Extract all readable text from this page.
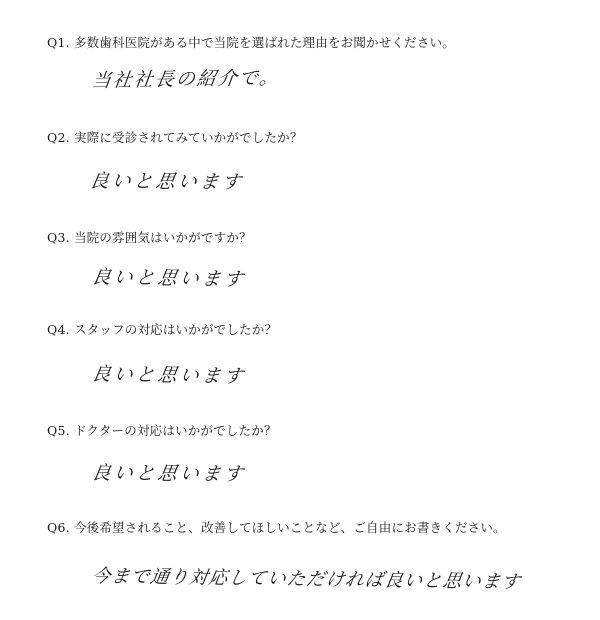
Q1. 多数歯科医院がある中で当院を選ばれた理由をお聞かせください。
当社社長の紹介で。
Q2. 実際に受診されてみていかがでしたか？
良いと思います
Q3. 当院の雰囲気はいかがですか？
良いと思います
Q4. スタッフの対応はいかがでしたか？
良いと思います
Q5. ドクターの対応はいかがでしたか？
良いと思います
Q6. 今後希望されること、改善してほしいことなど、ご自由にお書きください。
今まで通り対応していただければ良いと思います
